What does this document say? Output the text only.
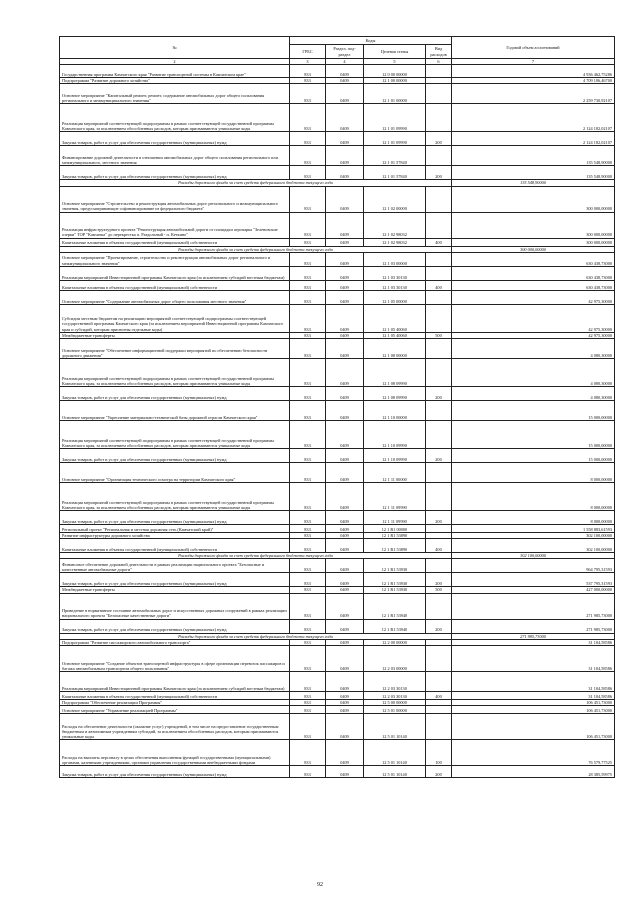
№	Коды				Годовой объем ассигнований
	ГРБС	Раздел, под-раздел	Целевая статья	Вид расходов	
2	3	4	5	6	7
Государственная программа Камчатского края "Развитие транспортной системы в Камчатском крае"	833	0409	12 0 00 00000		4 936 462,75286
Подпрограмма "Развитие дорожного хозяйства"	833	0409	12 1 00 00000		4 709 106,46700
Основное мероприятие "Капитальный ремонт, ремонт, содержание автомобильных дорог общего пользования регионального и межмуниципального значения"	833	0409	12 1 01 00000		2 259 730,92107
Реализация мероприятий соответствующей подпрограммы в рамках соответствующей государственной программы Камчатского края, за исключением обособленных расходов, которым присваиваются уникальные коды	833	0409	12 1 01 09990		2 124 182,02107
Закупка товаров, работ и услуг для обеспечения государственных (муниципальных) нужд	833	0409	12 1 01 09990	200	2 124 182,02107
Финансирование дорожной деятельности в отношении автомобильных дорог общего пользования регионального или межмуниципального, местного значения	833	0409	12 1 01 57840		135 548,90000
Закупка товаров, работ и услуг для обеспечения государственных (муниципальных) нужд	833	0409	12 1 01 57840	200	135 548,90000
Расходы дорожного фонда за счет средств федерального бюджета текущего года					135 548,90000
Основное мероприятие "Строительство и реконструкция автомобильных дорог регионального и межмуниципального значения, предусматривающие софинансирование из федерального бюджета"	833	0409	12 1 02 00000		300 000,00000
Реализация инфраструктурного проекта "Реконструкция автомобильной дороги от площадки агропарка "Зеленовские озерки" ТОР "Камчатка" до перекрестка п. Раздольный - п. Кеткино"	833	0409	12 1 02 98032		300 000,00000
Капитальные вложения в объекты государственной (муниципальной) собственности	833	0409	12 1 02 98032	400	300 000,00000
Расходы дорожного фонда за счет средств федерального бюджета текущего года					300 000,00000
Основное мероприятие "Проектирование, строительство и реконструкция автомобильных дорог регионального и межмуниципального значения"	833	0409	12 1 03 00000		630 438,73000
Реализация мероприятий Инвестиционной программы Камчатского края (за исключением субсидий местным бюджетам)	833	0409	12 1 03 30130		630 438,73000
Капитальные вложения в объекты государственной (муниципальной) собственности	833	0409	12 1 03 30130	400	630 438,73000
Основное мероприятие "Содержание автомобильных дорог общего пользования местного значения"	833	0409	12 1 05 00000		42 975,30000
Субсидии местным бюджетам на реализацию мероприятий соответствующей подпрограммы соответствующей государственной программы Камчатского края (за исключением мероприятий Инвестиционной программы Камчатского края и субсидий, которым присвоены отдельные коды)	833	0409	12 1 05 40060		42 975,30000
Межбюджетные трансферты	833	0409	12 1 05 40060	500	42 975,30000
Основное мероприятие "Обеспечение информационной поддержки мероприятий по обеспечению безопасности дорожного движения"	833	0409	12 1 08 00000		4 080,30000
Реализация мероприятий соответствующей подпрограммы в рамках соответствующей государственной программы Камчатского края, за исключением обособленных расходов, которым присваиваются уникальные коды	833	0409	12 1 08 09990		4 080,30000
Закупка товаров, работ и услуг для обеспечения государственных (муниципальных) нужд	833	0409	12 1 08 09990	200	4 080,30000
Основное мероприятие "Укрепление материально-технической базы дорожной отрасли Камчатского края"	833	0409	12 1 10 00000		15 000,00000
Реализация мероприятий соответствующей подпрограммы в рамках соответствующей государственной программы Камчатского края, за исключением обособленных расходов, которым присваиваются уникальные коды	833	0409	12 1 10 09990		15 000,00000
Закупка товаров, работ и услуг для обеспечения государственных (муниципальных) нужд	833	0409	12 1 10 09990	200	15 000,00000
Основное мероприятие "Организация технического осмотра на территории Камчатского края"	833	0409	12 1 11 00000		8 000,00000
Реализация мероприятий соответствующей подпрограммы в рамках соответствующей государственной программы Камчатского края, за исключением обособленных расходов, которым присваиваются уникальные коды	833	0409	12 1 11 09990		8 000,00000
Закупка товаров, работ и услуг для обеспечения государственных (муниципальных) нужд	833	0409	12 1 11 09990	200	8 000,00000
Региональный проект "Региональная и местная дорожная сеть (Камчатский край)"	833	0409	12 1 R1 00000		1 558 883,61593
Развитие инфраструктуры дорожного хозяйства	833	0409	12 1 R1 53890		302 100,00000
Капитальные вложения в объекты государственной (муниципальной) собственности	833	0409	12 1 R1 53890	400	302 100,00000
Расходы дорожного фонда за счет средств федерального бюджета текущего года					302 100,00000
Финансовое обеспечение дорожной деятельности в рамках реализации национального проекта "Безопасные и качественные автомобильные дороги"	833	0409	12 1 R1 53930		964 795,31593
Закупка товаров, работ и услуг для обеспечения государственных (муниципальных) нужд	833	0409	12 1 R1 53930	200	537 795,31593
Межбюджетные трансферты	833	0409	12 1 R1 53930	500	427 000,00000
Приведение в нормативное состояние автомобильных дорог и искусственных дорожных сооружений в рамках реализации национального проекта "Безопасные качественные дороги"	833	0409	12 1 R1 53940		271 985,73000
Закупка товаров, работ и услуг для обеспечения государственных (муниципальных) нужд	833	0409	12 1 R1 53940	200	271 985,73000
Расходы дорожного фонда за счет средств федерального бюджета текущего года					271 985,73000
Подпрограмма "Развитие пассажирского автомобильного транспорта"	833	0409	12 2 00 00000		31 104,58586
Основное мероприятие "Создание объектов транспортной инфраструктуры в сфере организации перевозок пассажиров и багажа автомобильным транспортом общего пользования"	833	0409	12 2 03 00000		31 104,58586
Реализация мероприятий Инвестиционной программы Камчатского края (за исключением субсидий местным бюджетам)	833	0409	12 2 03 30130		31 104,58586
Капитальные вложения в объекты государственной (муниципальной) собственности	833	0409	12 2 03 30130	400	31 104,58586
Подпрограмма "Обеспечение реализации Программы"	833	0409	12 5 00 00000		106 451,73000
Основное мероприятие "Управление реализацией Программы"	833	0409	12 5 01 00000		106 451,73000
Расходы на обеспечение деятельности (оказание услуг) учреждений, в том числе на предоставление государственным бюджетным и автономным учреждениям субсидий, за исключением обособленных расходов, которым присваиваются уникальные коды	833	0409	12 5 01 10140		106 451,73000
Расходы на выплаты персоналу в целях обеспечения выполнения функций государственными (муниципальными) органами, казенными учреждениями, органами управления государственными внебюджетными фондами	833	0409	12 5 01 10140	100	76 579,77525
Закупка товаров, работ и услуг для обеспечения государственных (муниципальных) нужд	833	0409	12 5 01 10140	200	28 385,59975
92
